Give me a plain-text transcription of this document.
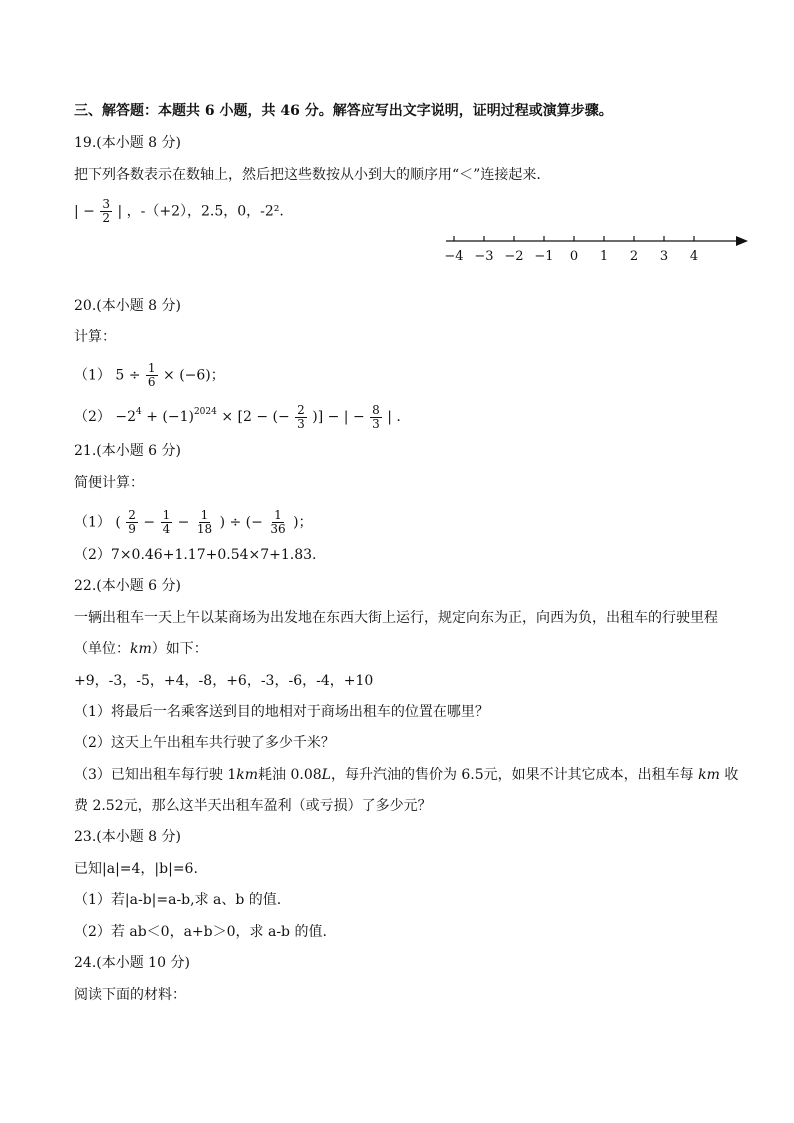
三、解答题：本题共 6 小题，共 46 分。解答应写出文字说明，证明过程或演算步骤。
19.(本小题 8 分)
把下列各数表示在数轴上，然后把这些数按从小到大的顺序用“＜”连接起来.
| − $\frac{3}{2}$ | ，-（+2），2.5，0，-2².
−4 −3 −2 −1 0 1 2 3 4
20.(本小题 8 分)
计算：
（1） $5 \div \frac{1}{6} \times (-6)$；
$(2) -2^4 + (-1)^{2024} \times [2$ − (− $\frac{2}{3}$ )] − | − $\frac{8}{3}$ | .
21.(本小题 6 分)
简便计算：
（1） ( $\frac{2}{9} - \frac{1}{4} - \frac{1}{18}$ ) ÷ (− $\frac{1}{36}$ )；
（2）7×0.46+1.17+0.54×7+1.83.
22.(本小题 6 分)
一辆出租车一天上午以某商场为出发地在东西大街上运行，规定向东为正，向西为负，出租车的行驶里程
（单位：km）如下：
+9，-3，-5，+4，-8，+6，-3，-6，-4，+10
（1）将最后一名乘客送到目的地相对于商场出租车的位置在哪里？
（2）这天上午出租车共行驶了多少千米？
（3）已知出租车每行驶 1km耗油 0.08L，每升汽油的售价为 6.5元，如果不计其它成本，出租车每 km 收
费 2.52元，那么这半天出租车盈利（或亏损）了多少元？
23.(本小题 8 分)
已知|a|=4，|b|=6.
（1）若|a-b|=a-b,求 a、b 的值.
（2）若 ab＜0，a+b＞0，求 a-b 的值.
24.(本小题 10 分)
阅读下面的材料：
